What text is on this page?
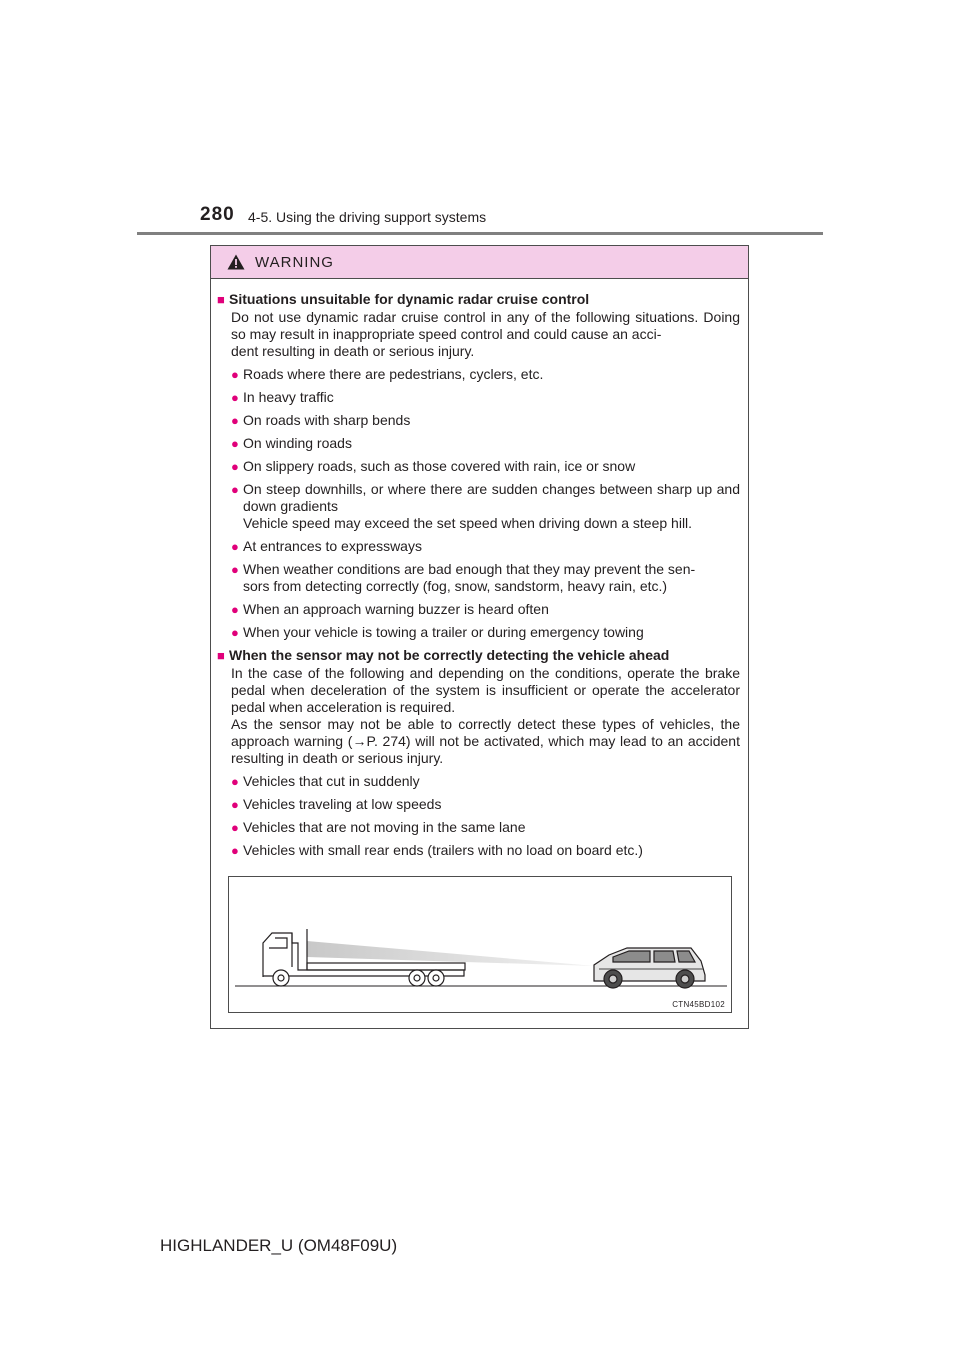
280 4-5. Using the driving support systems
WARNING
■ Situations unsuitable for dynamic radar cruise control
Do not use dynamic radar cruise control in any of the following situations. Doing so may result in inappropriate speed control and could cause an acci-
dent resulting in death or serious injury.
● Roads where there are pedestrians, cyclers, etc.
● In heavy traffic
● On roads with sharp bends
● On winding roads
● On slippery roads, such as those covered with rain, ice or snow
● On steep downhills, or where there are sudden changes between sharp up and down gradients
Vehicle speed may exceed the set speed when driving down a steep hill.
● At entrances to expressways
● When weather conditions are bad enough that they may prevent the sen-
sors from detecting correctly (fog, snow, sandstorm, heavy rain, etc.)
● When an approach warning buzzer is heard often
● When your vehicle is towing a trailer or during emergency towing
■ When the sensor may not be correctly detecting the vehicle ahead
In the case of the following and depending on the conditions, operate the brake pedal when deceleration of the system is insufficient or operate the accelerator pedal when acceleration is required.
As the sensor may not be able to correctly detect these types of vehicles, the approach warning (→P. 274) will not be activated, which may lead to an accident resulting in death or serious injury.
● Vehicles that cut in suddenly
● Vehicles traveling at low speeds
● Vehicles that are not moving in the same lane
● Vehicles with small rear ends (trailers with no load on board etc.)
CTN45BD102
HIGHLANDER_U (OM48F09U)
